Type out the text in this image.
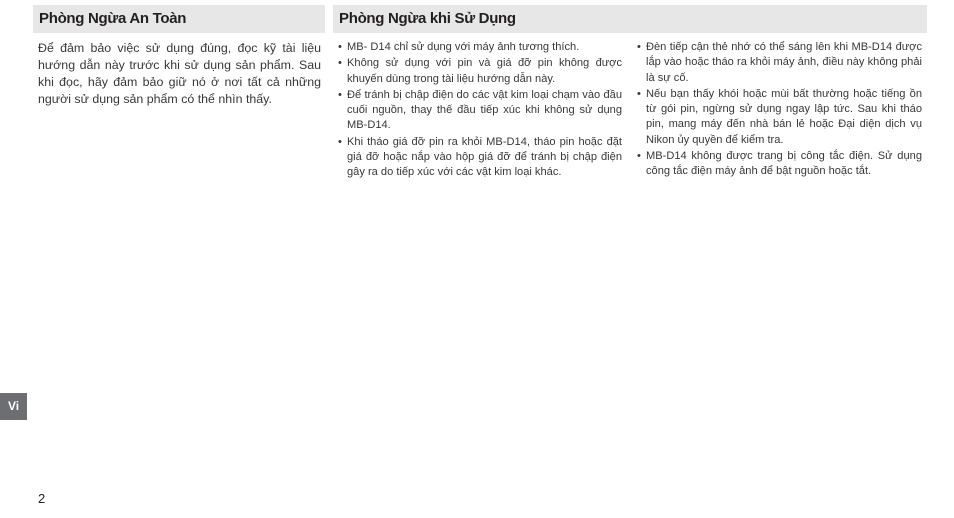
Phòng Ngừa An Toàn	Phòng Ngừa khi Sử Dụng

Để đảm bảo việc sử dụng đúng, đọc kỹ tài liệu hướng dẫn này trước khi sử dụng sản phẩm. Sau khi đọc, hãy đảm bảo giữ nó ở nơi tất cả những người sử dụng sản phẩm có thể nhìn thấy.

• MB- D14 chỉ sử dụng với máy ảnh tương thích.
• Không sử dụng với pin và giá đỡ pin không được khuyến dùng trong tài liệu hướng dẫn này.
• Để tránh bị chập điện do các vật kim loại chạm vào đầu cuối nguồn, thay thế đầu tiếp xúc khi không sử dụng MB-D14.
• Khi tháo giá đỡ pin ra khỏi MB-D14, tháo pin hoặc đặt giá đỡ hoặc nắp vào hộp giá đỡ để tránh bị chập điện gây ra do tiếp xúc với các vật kim loại khác.
• Đèn tiếp cận thẻ nhớ có thể sáng lên khi MB-D14 được lắp vào hoặc tháo ra khỏi máy ảnh, điều này không phải là sự cố.
• Nếu bạn thấy khói hoặc mùi bất thường hoặc tiếng ồn từ gói pin, ngừng sử dụng ngay lập tức. Sau khi tháo pin, mang máy đến nhà bán lẻ hoặc Đại diện dịch vụ Nikon ủy quyền để kiểm tra.
• MB-D14 không được trang bị công tắc điện. Sử dụng công tắc điện máy ảnh để bật nguồn hoặc tắt.
Vi
2
